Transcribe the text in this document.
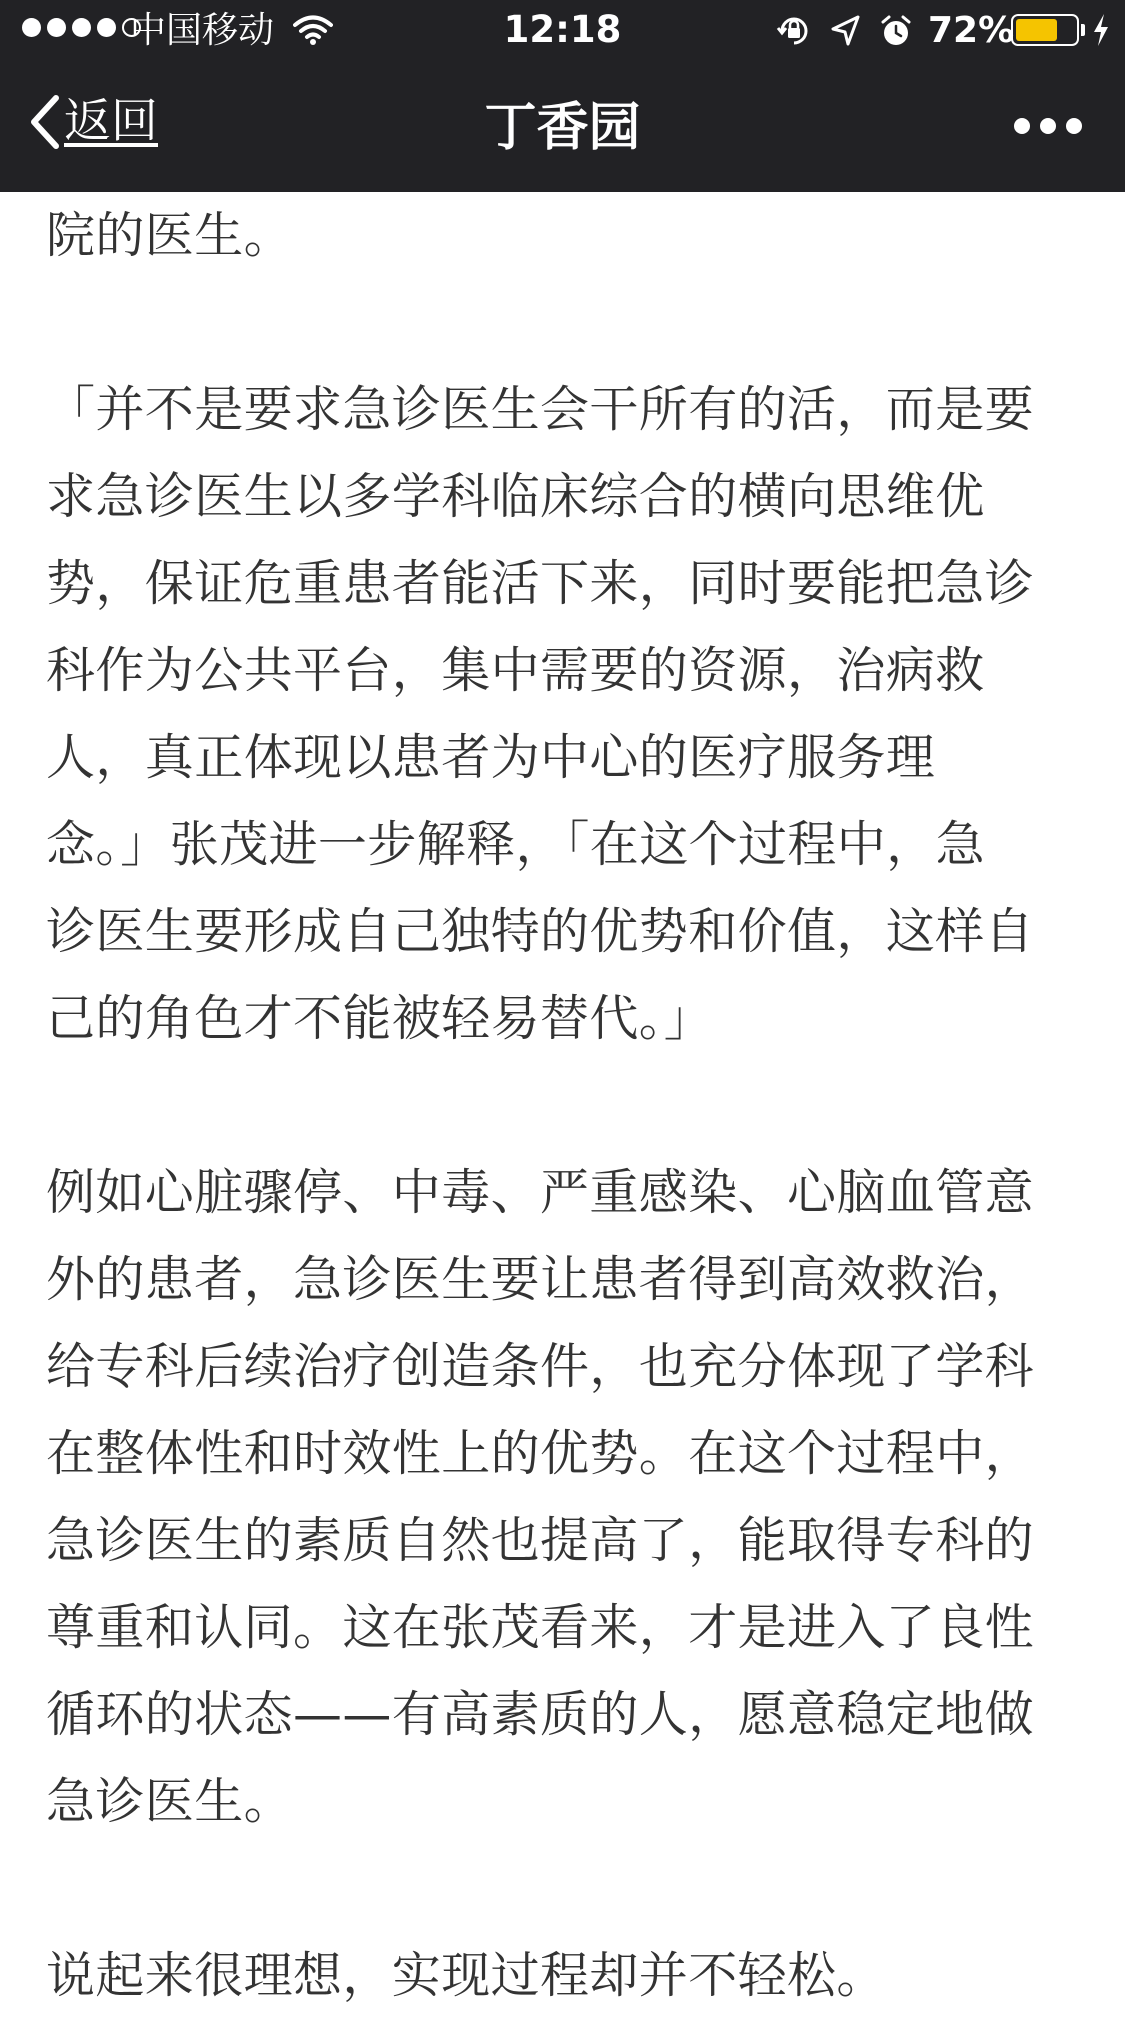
中国移动	12:18	72%
返回	丁香园

院的医生。

「并不是要求急诊医生会干所有的活，而是要
求急诊医生以多学科临床综合的横向思维优
势，保证危重患者能活下来，同时要能把急诊
科作为公共平台，集中需要的资源，治病救
人，真正体现以患者为中心的医疗服务理
念。」张茂进一步解释，「在这个过程中，急
诊医生要形成自己独特的优势和价值，这样自
己的角色才不能被轻易替代。」

例如心脏骤停、中毒、严重感染、心脑血管意
外的患者，急诊医生要让患者得到高效救治，
给专科后续治疗创造条件，也充分体现了学科
在整体性和时效性上的优势。在这个过程中，
急诊医生的素质自然也提高了，能取得专科的
尊重和认同。这在张茂看来，才是进入了良性
循环的状态——有高素质的人，愿意稳定地做
急诊医生。

说起来很理想，实现过程却并不轻松。
